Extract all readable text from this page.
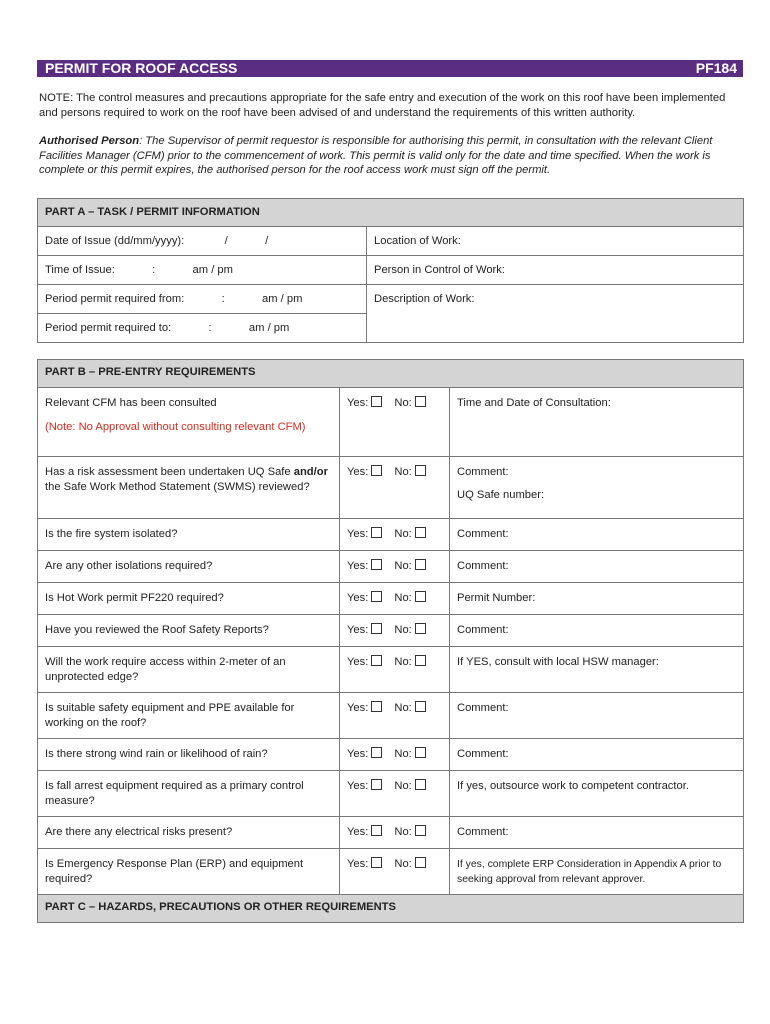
PERMIT FOR ROOF ACCESS	PF184
NOTE: The control measures and precautions appropriate for the safe entry and execution of the work on this roof have been implemented and persons required to work on the roof have been advised of and understand the requirements of this written authority.
Authorised Person: The Supervisor of permit requestor is responsible for authorising this permit, in consultation with the relevant Client Facilities Manager (CFM) prior to the commencement of work. This permit is valid only for the date and time specified. When the work is complete or this permit expires, the authorised person for the roof access work must sign off the permit.
PART A – TASK / PERMIT INFORMATION	
Date of Issue (dd/mm/yyyy):             /            /	Location of Work:
Time of Issue:            :            am / pm	Person in Control of Work:
Period permit required from:            :            am / pm	Description of Work:
Period permit required to:            :            am / pm	
PART B – PRE-ENTRY REQUIREMENTS		
Relevant CFM has been consulted
(Note: No Approval without consulting relevant CFM)	Yes: No:	Time and Date of Consultation:
Has a risk assessment been undertaken UQ Safe and/or the Safe Work Method Statement (SWMS) reviewed?	Yes: No:	Comment:
UQ Safe number:

Is the fire system isolated?	Yes: No:	Comment:
Are any other isolations required?	Yes: No:	Comment:
Is Hot Work permit PF220 required?	Yes: No:	Permit Number:
Have you reviewed the Roof Safety Reports?	Yes: No:	Comment:
Will the work require access within 2-meter of an unprotected edge?	Yes: No:	If YES, consult with local HSW manager:
Is suitable safety equipment and PPE available for working on the roof?	Yes: No:	Comment:
Is there strong wind rain or likelihood of rain?	Yes: No:	Comment:
Is fall arrest equipment required as a primary control measure?	Yes: No:	If yes, outsource work to competent contractor.
Are there any electrical risks present?	Yes: No:	Comment:
Is Emergency Response Plan (ERP) and equipment required?	Yes: No:	If yes, complete ERP Consideration in Appendix A prior to seeking approval from relevant approver.
PART C – HAZARDS, PRECAUTIONS OR OTHER REQUIREMENTS		
